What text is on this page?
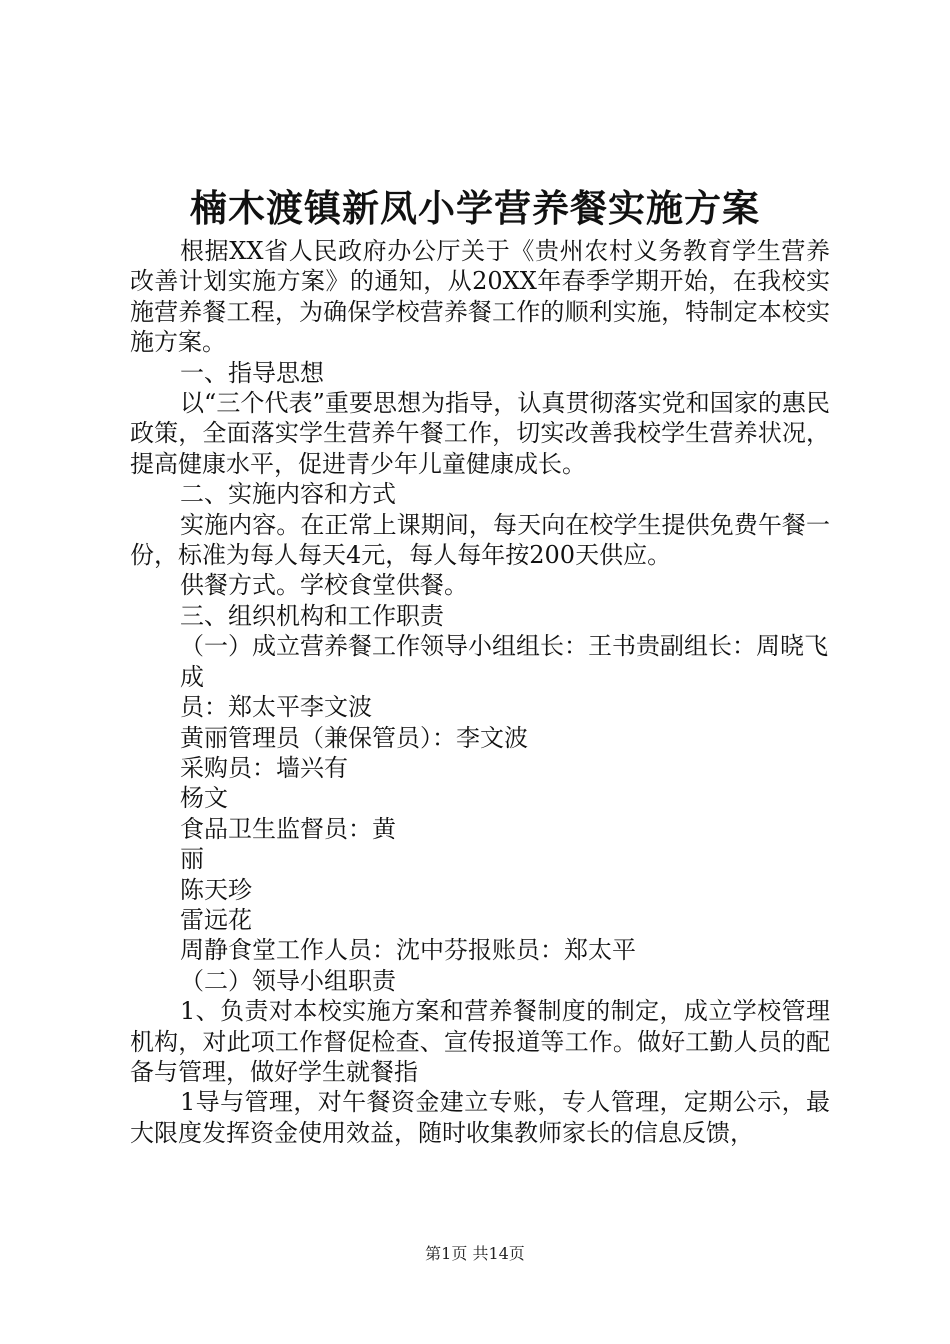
楠木渡镇新凤小学营养餐实施方案

根据XX省人民政府办公厅关于《贵州农村义务教育学生营养改善计划实施方案》的通知，从20XX年春季学期开始，在我校实施营养餐工程，为确保学校营养餐工作的顺利实施，特制定本校实施方案。

一、指导思想

以“三个代表”重要思想为指导，认真贯彻落实党和国家的惠民政策，全面落实学生营养午餐工作，切实改善我校学生营养状况，提高健康水平，促进青少年儿童健康成长。

二、实施内容和方式

实施内容。在正常上课期间，每天向在校学生提供免费午餐一份，标准为每人每天4元，每人每年按200天供应。

供餐方式。学校食堂供餐。

三、组织机构和工作职责

（一）成立营养餐工作领导小组组长：王书贵副组长：周晓飞

成

员：郑太平李文波

黄丽管理员（兼保管员）：李文波

采购员：墙兴有

杨文

食品卫生监督员：黄

丽

陈天珍

雷远花

周静食堂工作人员：沈中芬报账员：郑太平

（二）领导小组职责

1、负责对本校实施方案和营养餐制度的制定，成立学校管理机构，对此项工作督促检查、宣传报道等工作。做好工勤人员的配备与管理，做好学生就餐指

1导与管理，对午餐资金建立专账，专人管理，定期公示，最大限度发挥资金使用效益，随时收集教师家长的信息反馈，

第1页 共14页
